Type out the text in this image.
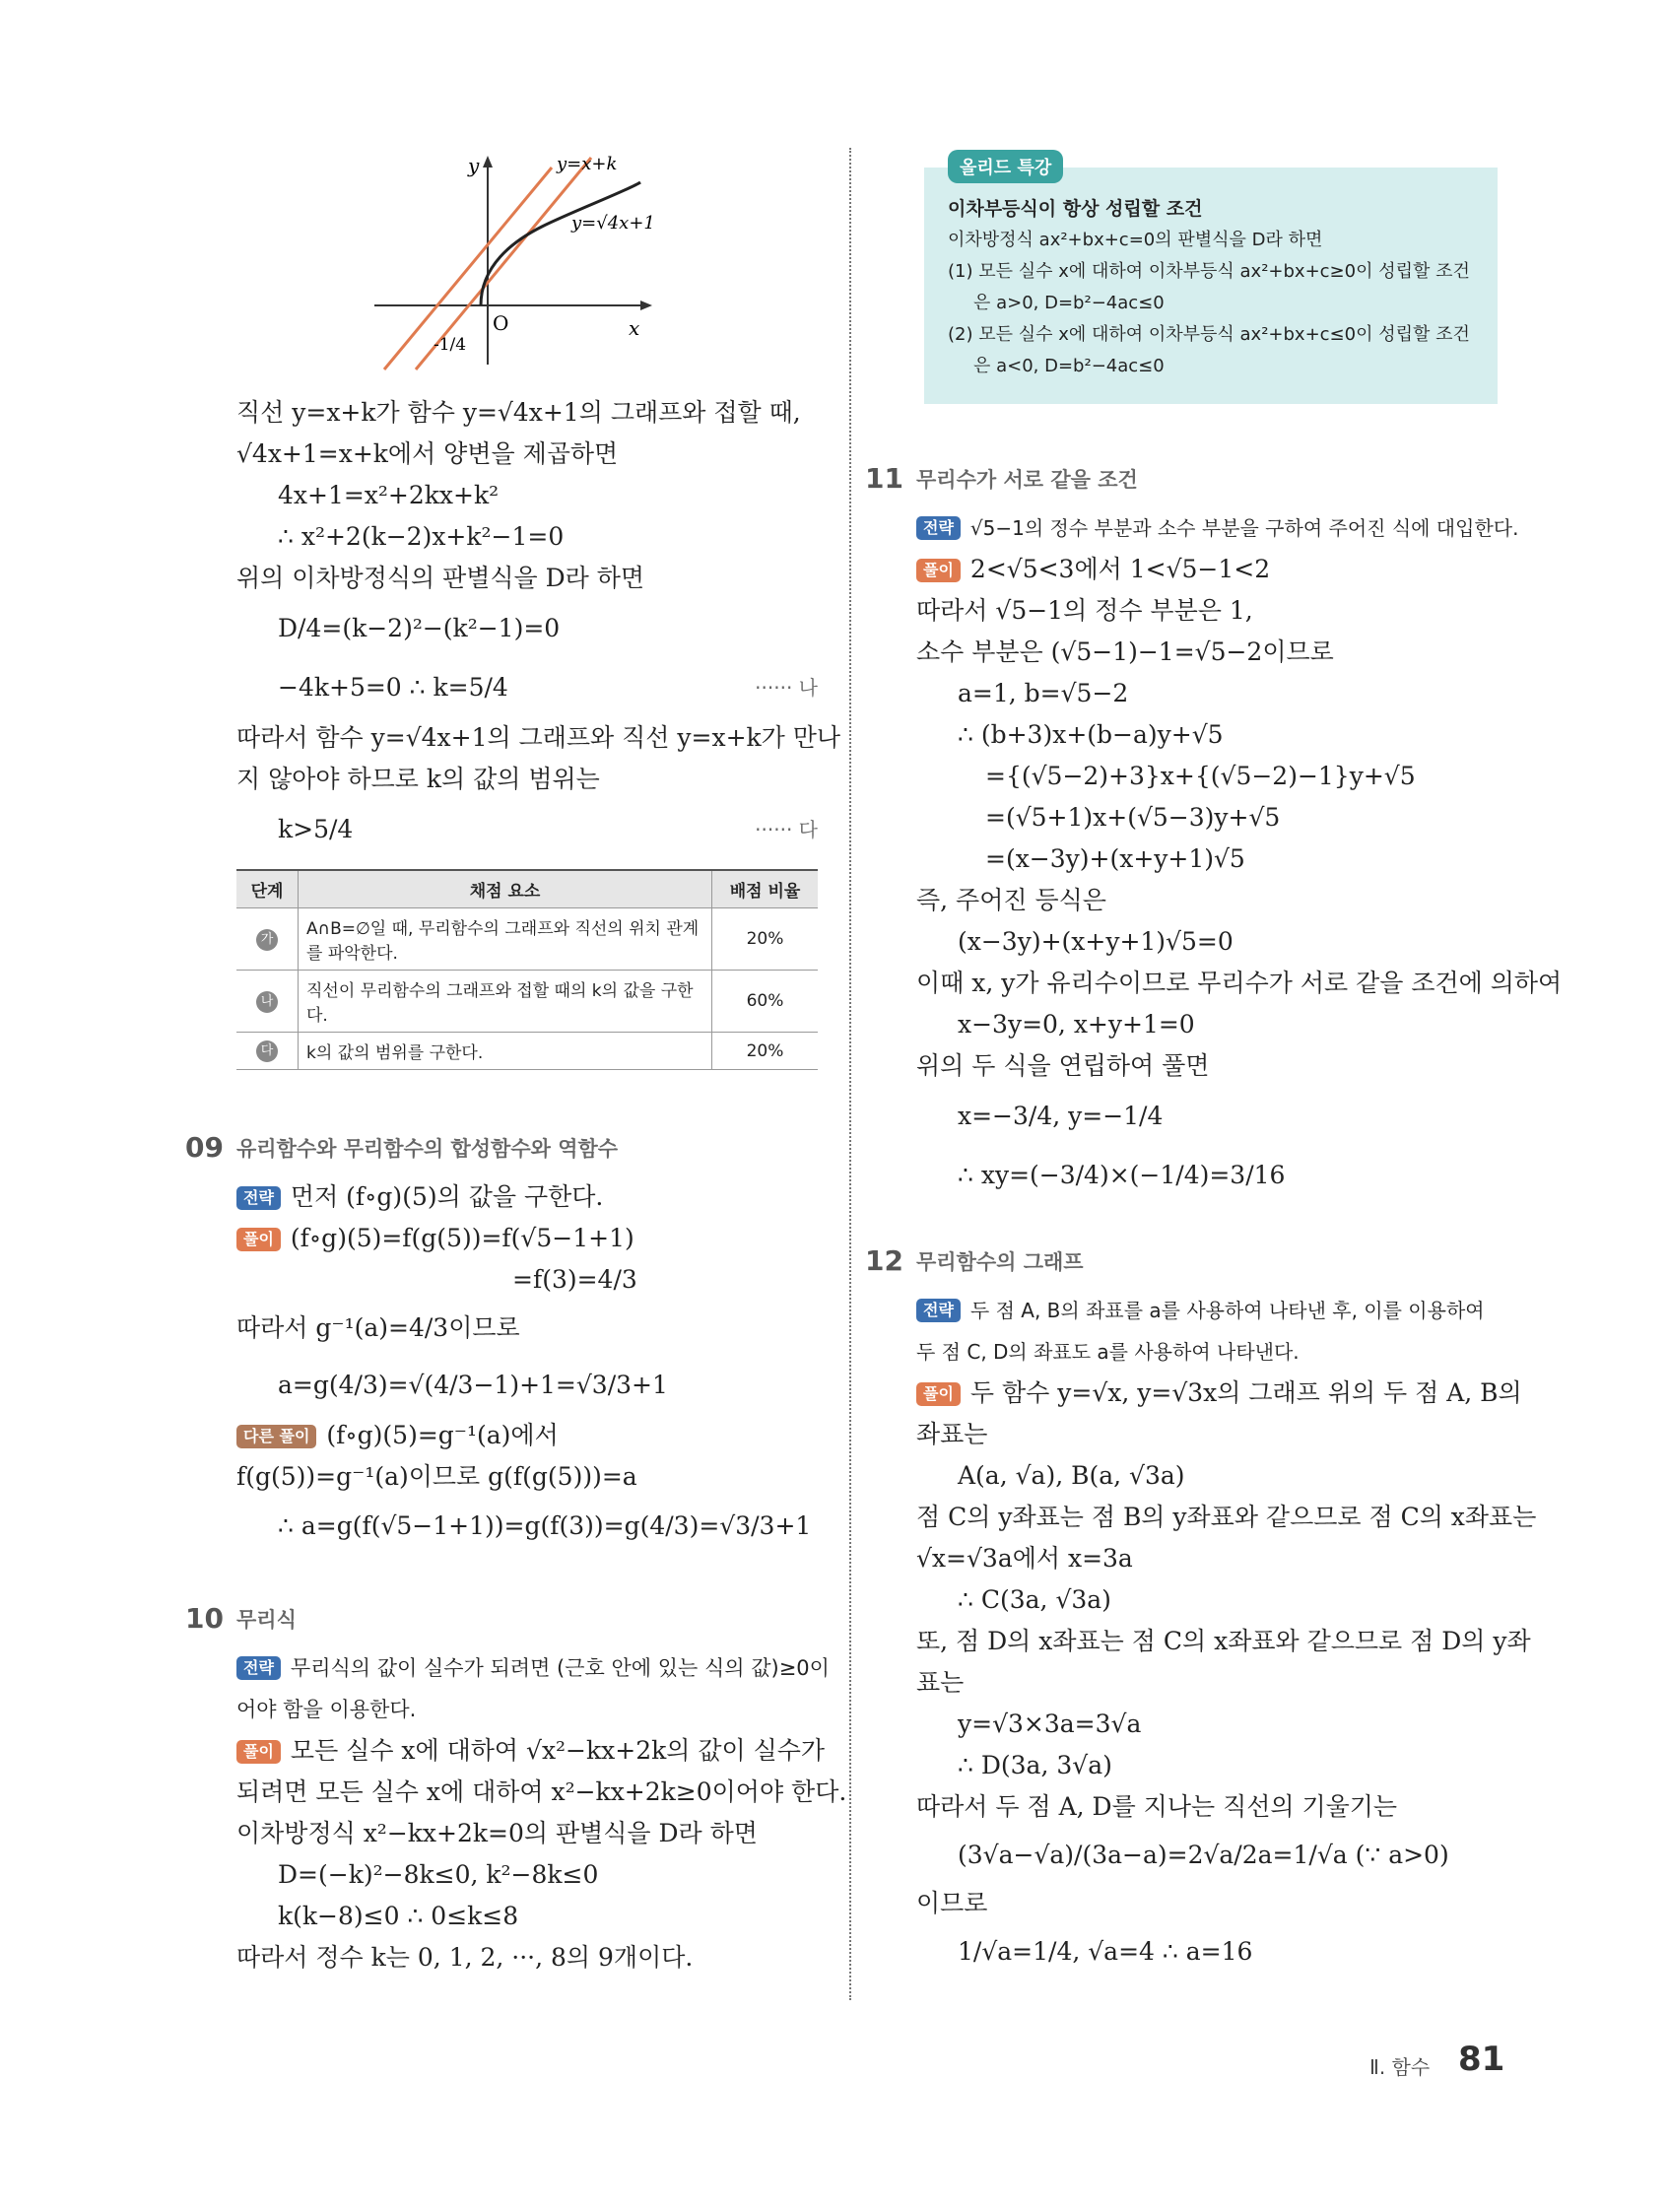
y
x
O
y=x+k
y=√4x+1
-1/4
직선 y=x+k가 함수 y=√4x+1의 그래프와 접할 때,
√4x+1=x+k에서 양변을 제곱하면
4x+1=x²+2kx+k²
∴ x²+2(k−2)x+k²−1=0
위의 이차방정식의 판별식을 D라 하면
D/4=(k−2)²−(k²−1)=0
−4k+5=0 ∴ k=5/4	······ 나
따라서 함수 y=√4x+1의 그래프와 직선 y=x+k가 만나
지 않아야 하므로 k의 값의 범위는
k>5/4	······ 다
단계	채점 요소	배점 비율
가	A∩B=∅일 때, 무리함수의 그래프와 직선의 위치 관계를 파악한다.	20%
나	직선이 무리함수의 그래프와 접할 때의 k의 값을 구한다.	60%
다	k의 값의 범위를 구한다.	20%
09 유리함수와 무리함수의 합성함수와 역함수
전략 먼저 (f∘g)(5)의 값을 구한다.
풀이 (f∘g)(5)=f(g(5))=f(√5−1+1)
=f(3)=4/3
따라서 g⁻¹(a)=4/3이므로
a=g(4/3)=√(4/3−1)+1=√3/3+1
다른 풀이 (f∘g)(5)=g⁻¹(a)에서
f(g(5))=g⁻¹(a)이므로 g(f(g(5)))=a
∴ a=g(f(√5−1+1))=g(f(3))=g(4/3)=√3/3+1
10 무리식
전략 무리식의 값이 실수가 되려면 (근호 안에 있는 식의 값)≥0이
어야 함을 이용한다.
풀이 모든 실수 x에 대하여 √x²−kx+2k의 값이 실수가
되려면 모든 실수 x에 대하여 x²−kx+2k≥0이어야 한다.
이차방정식 x²−kx+2k=0의 판별식을 D라 하면
D=(−k)²−8k≤0, k²−8k≤0
k(k−8)≤0 ∴ 0≤k≤8
따라서 정수 k는 0, 1, 2, ···, 8의 9개이다.
올리드 특강
이차부등식이 항상 성립할 조건
이차방정식 ax²+bx+c=0의 판별식을 D라 하면
(1) 모든 실수 x에 대하여 이차부등식 ax²+bx+c≥0이 성립할 조건
은 a>0, D=b²−4ac≤0
(2) 모든 실수 x에 대하여 이차부등식 ax²+bx+c≤0이 성립할 조건
은 a<0, D=b²−4ac≤0
11 무리수가 서로 같을 조건
전략 √5−1의 정수 부분과 소수 부분을 구하여 주어진 식에 대입한다.
풀이 2<√5<3에서 1<√5−1<2
따라서 √5−1의 정수 부분은 1,
소수 부분은 (√5−1)−1=√5−2이므로
a=1, b=√5−2
∴ (b+3)x+(b−a)y+√5
={(√5−2)+3}x+{(√5−2)−1}y+√5
=(√5+1)x+(√5−3)y+√5
=(x−3y)+(x+y+1)√5
즉, 주어진 등식은
(x−3y)+(x+y+1)√5=0
이때 x, y가 유리수이므로 무리수가 서로 같을 조건에 의하여
x−3y=0, x+y+1=0
위의 두 식을 연립하여 풀면
x=−3/4, y=−1/4
∴ xy=(−3/4)×(−1/4)=3/16
12 무리함수의 그래프
전략 두 점 A, B의 좌표를 a를 사용하여 나타낸 후, 이를 이용하여
두 점 C, D의 좌표도 a를 사용하여 나타낸다.
풀이 두 함수 y=√x, y=√3x의 그래프 위의 두 점 A, B의
좌표는
A(a, √a), B(a, √3a)
점 C의 y좌표는 점 B의 y좌표와 같으므로 점 C의 x좌표는
√x=√3a에서 x=3a
∴ C(3a, √3a)
또, 점 D의 x좌표는 점 C의 x좌표와 같으므로 점 D의 y좌
표는
y=√3×3a=3√a
∴ D(3a, 3√a)
따라서 두 점 A, D를 지나는 직선의 기울기는
(3√a−√a)/(3a−a)=2√a/2a=1/√a (∵ a>0)
이므로
1/√a=1/4, √a=4 ∴ a=16
Ⅱ. 함수 81
